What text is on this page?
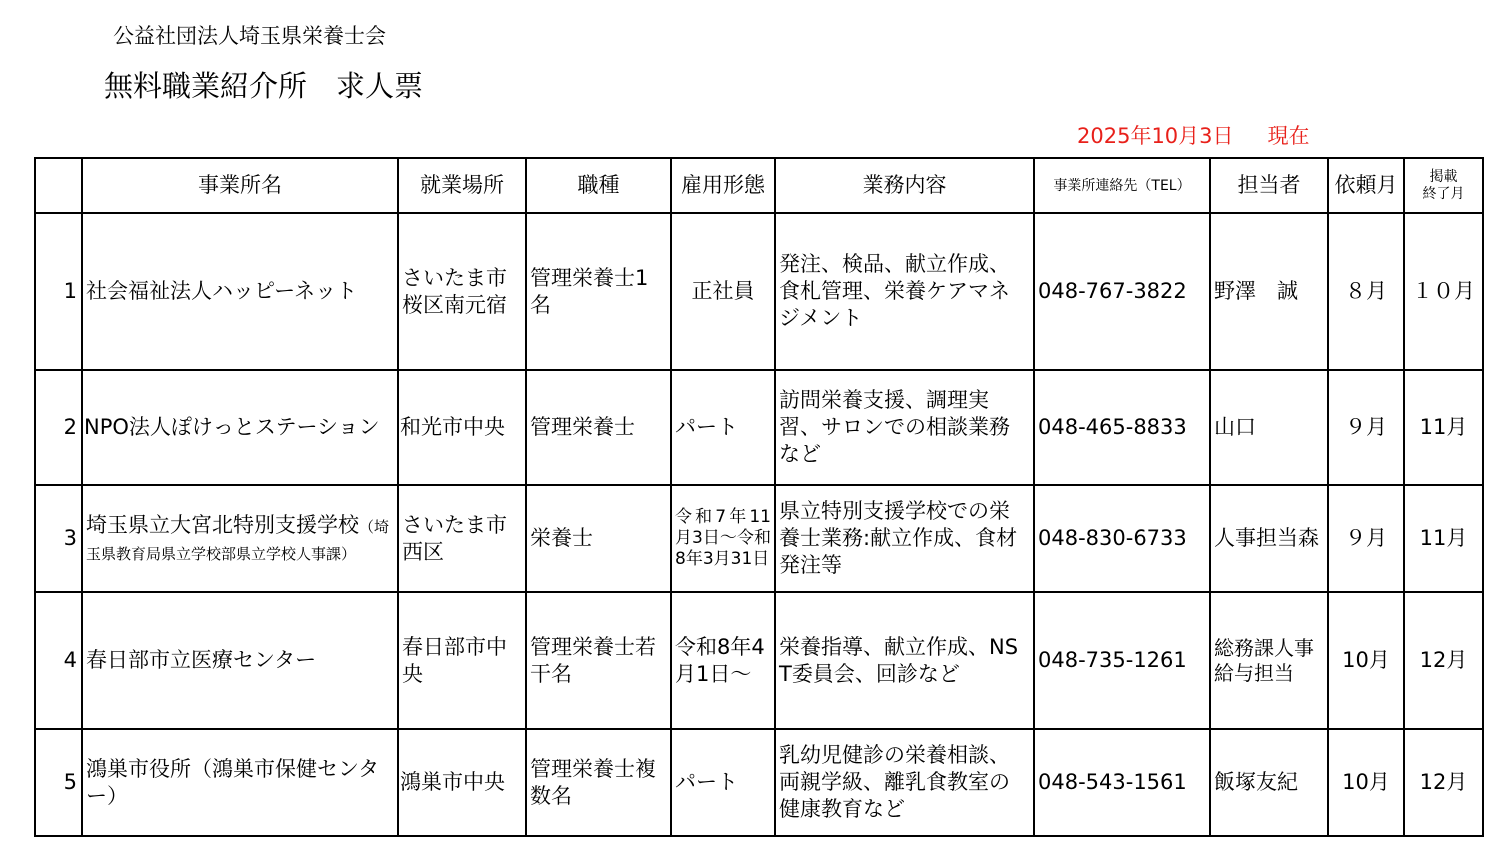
公益社団法人埼玉県栄養士会
無料職業紹介所　求人票
2025年10月3日 現在
	事業所名	就業場所	職種	雇用形態	業務内容	事業所連絡先（TEL）	担当者	依頼月	掲載
終了月
1	社会福祉法人ハッピーネット	さいたま市桜区南元宿	管理栄養士1名	正社員	発注、検品、献立作成、食札管理、栄養ケアマネジメント	048-767-3822	野澤　誠	８月	１０月
2	NPO法人ぽけっとステーション	和光市中央	管理栄養士	パート	訪問栄養支援、調理実習、サロンでの相談業務など	048-465-8833	山口	９月	11月
3	埼玉県立大宮北特別支援学校（埼玉県教育局県立学校部県立学校人事課）	さいたま市西区	栄養士	令和7年11月3日～令和8年3月31日	県立特別支援学校での栄養士業務:献立作成、食材発注等	048-830-6733	人事担当森	９月	11月
4	春日部市立医療センター	春日部市中央	管理栄養士若干名	令和8年4月1日～	栄養指導、献立作成、NST委員会、回診など	048-735-1261	総務課人事給与担当	10月	12月
5	鴻巣市役所（鴻巣市保健センター）	鴻巣市中央	管理栄養士複数名	パート	乳幼児健診の栄養相談、両親学級、離乳食教室の健康教育など	048-543-1561	飯塚友紀	10月	12月
